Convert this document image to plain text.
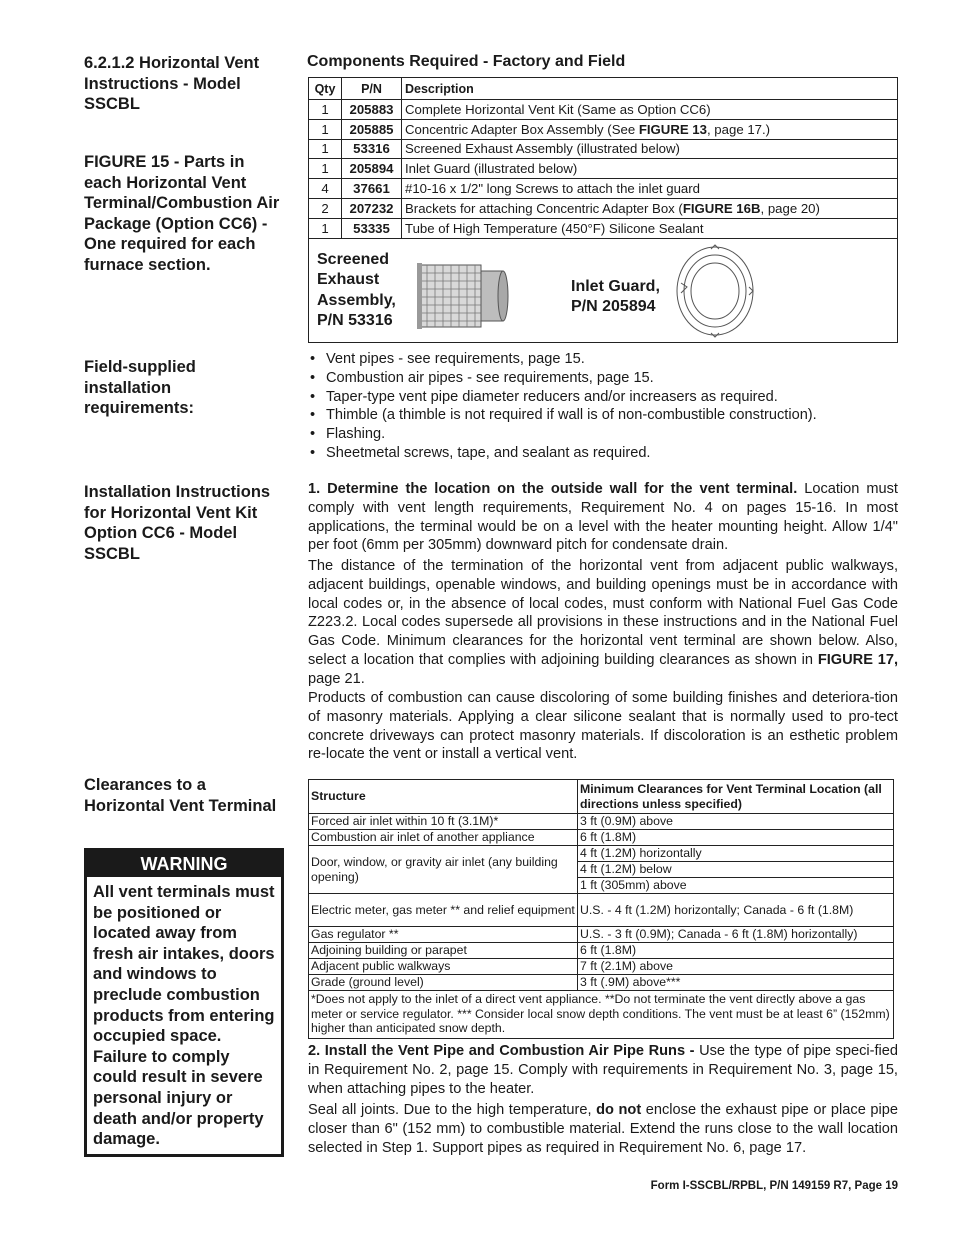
6.2.1.2 Horizontal Vent Instructions - Model SSCBL
FIGURE 15 - Parts in each Horizontal Vent Terminal/Combustion Air Package (Option CC6) - One required for each furnace section.
Field-supplied installation requirements:
Installation Instructions for Horizontal Vent Kit Option CC6 - Model SSCBL
Clearances to a Horizontal Vent Terminal
WARNING
All vent terminals must be positioned or located away from fresh air intakes, doors and windows to preclude combustion products from entering occupied space. Failure to comply could result in severe personal injury or death and/or property damage.
Components Required - Factory and Field
Qty	P/N	Description
1	205883	Complete Horizontal Vent Kit (Same as Option CC6)
1	205885	Concentric Adapter Box Assembly (See FIGURE 13, page 17.)
1	53316	Screened Exhaust Assembly (illustrated below)
1	205894	Inlet Guard (illustrated below)
4	37661	#10-16 x 1/2" long Screws to attach the inlet guard
2	207232	Brackets for attaching Concentric Adapter Box (FIGURE 16B, page 20)
1	53335	Tube of High Temperature (450°F) Silicone Sealant
Screened Exhaust Assembly, P/N 53316
Inlet Guard, P/N 205894
• Vent pipes - see requirements, page 15.
• Combustion air pipes - see requirements, page 15.
• Taper-type vent pipe diameter reducers and/or increasers as required.
• Thimble (a thimble is not required if wall is of non-combustible construction).
• Flashing.
• Sheetmetal screws, tape, and sealant as required.
1. Determine the location on the outside wall for the vent terminal. Location must comply with vent length requirements, Requirement No. 4 on pages 15-16. In most applications, the terminal would be on a level with the heater mounting height. Allow 1/4" per foot (6mm per 305mm) downward pitch for condensate drain.
The distance of the termination of the horizontal vent from adjacent public walkways, adjacent buildings, openable windows, and building openings must be in accordance with local codes or, in the absence of local codes, must conform with National Fuel Gas Code Z223.2. Local codes supersede all provisions in these instructions and in the National Fuel Gas Code. Minimum clearances for the horizontal vent terminal are shown below. Also, select a location that complies with adjoining building clearances as shown in FIGURE 17, page 21.
Products of combustion can cause discoloring of some building finishes and deteriora-tion of masonry materials. Applying a clear silicone sealant that is normally used to pro-tect concrete driveways can protect masonry materials. If discoloration is an esthetic problem re-locate the vent or install a vertical vent.
Structure	Minimum Clearances for Vent Terminal Location (all directions unless specified)
Forced air inlet within 10 ft (3.1M)*	3 ft (0.9M) above
Combustion air inlet of another appliance	6 ft (1.8M)
Door, window, or gravity air inlet (any building opening)	4 ft (1.2M) horizontally
	4 ft (1.2M) below
	1 ft (305mm) above
Electric meter, gas meter ** and relief equipment	U.S. - 4 ft (1.2M) horizontally; Canada - 6 ft (1.8M)
Gas regulator **	U.S. - 3 ft (0.9M); Canada - 6 ft (1.8M) horizontally)
Adjoining building or parapet	6 ft (1.8M)
Adjacent public walkways	7 ft (2.1M) above
Grade (ground level)	3 ft (.9M) above***
*Does not apply to the inlet of a direct vent appliance. **Do not terminate the vent directly above a gas meter or service regulator. *** Consider local snow depth conditions. The vent must be at least 6” (152mm) higher than anticipated snow depth.	
2. Install the Vent Pipe and Combustion Air Pipe Runs - Use the type of pipe speci-fied in Requirement No. 2, page 15. Comply with requirements in Requirement No. 3, page 15, when attaching pipes to the heater.
Seal all joints. Due to the high temperature, do not enclose the exhaust pipe or place pipe closer than 6" (152 mm) to combustible material. Extend the runs close to the wall location selected in Step 1. Support pipes as required in Requirement No. 6, page 17.
Form I-SSCBL/RPBL, P/N 149159 R7, Page 19
